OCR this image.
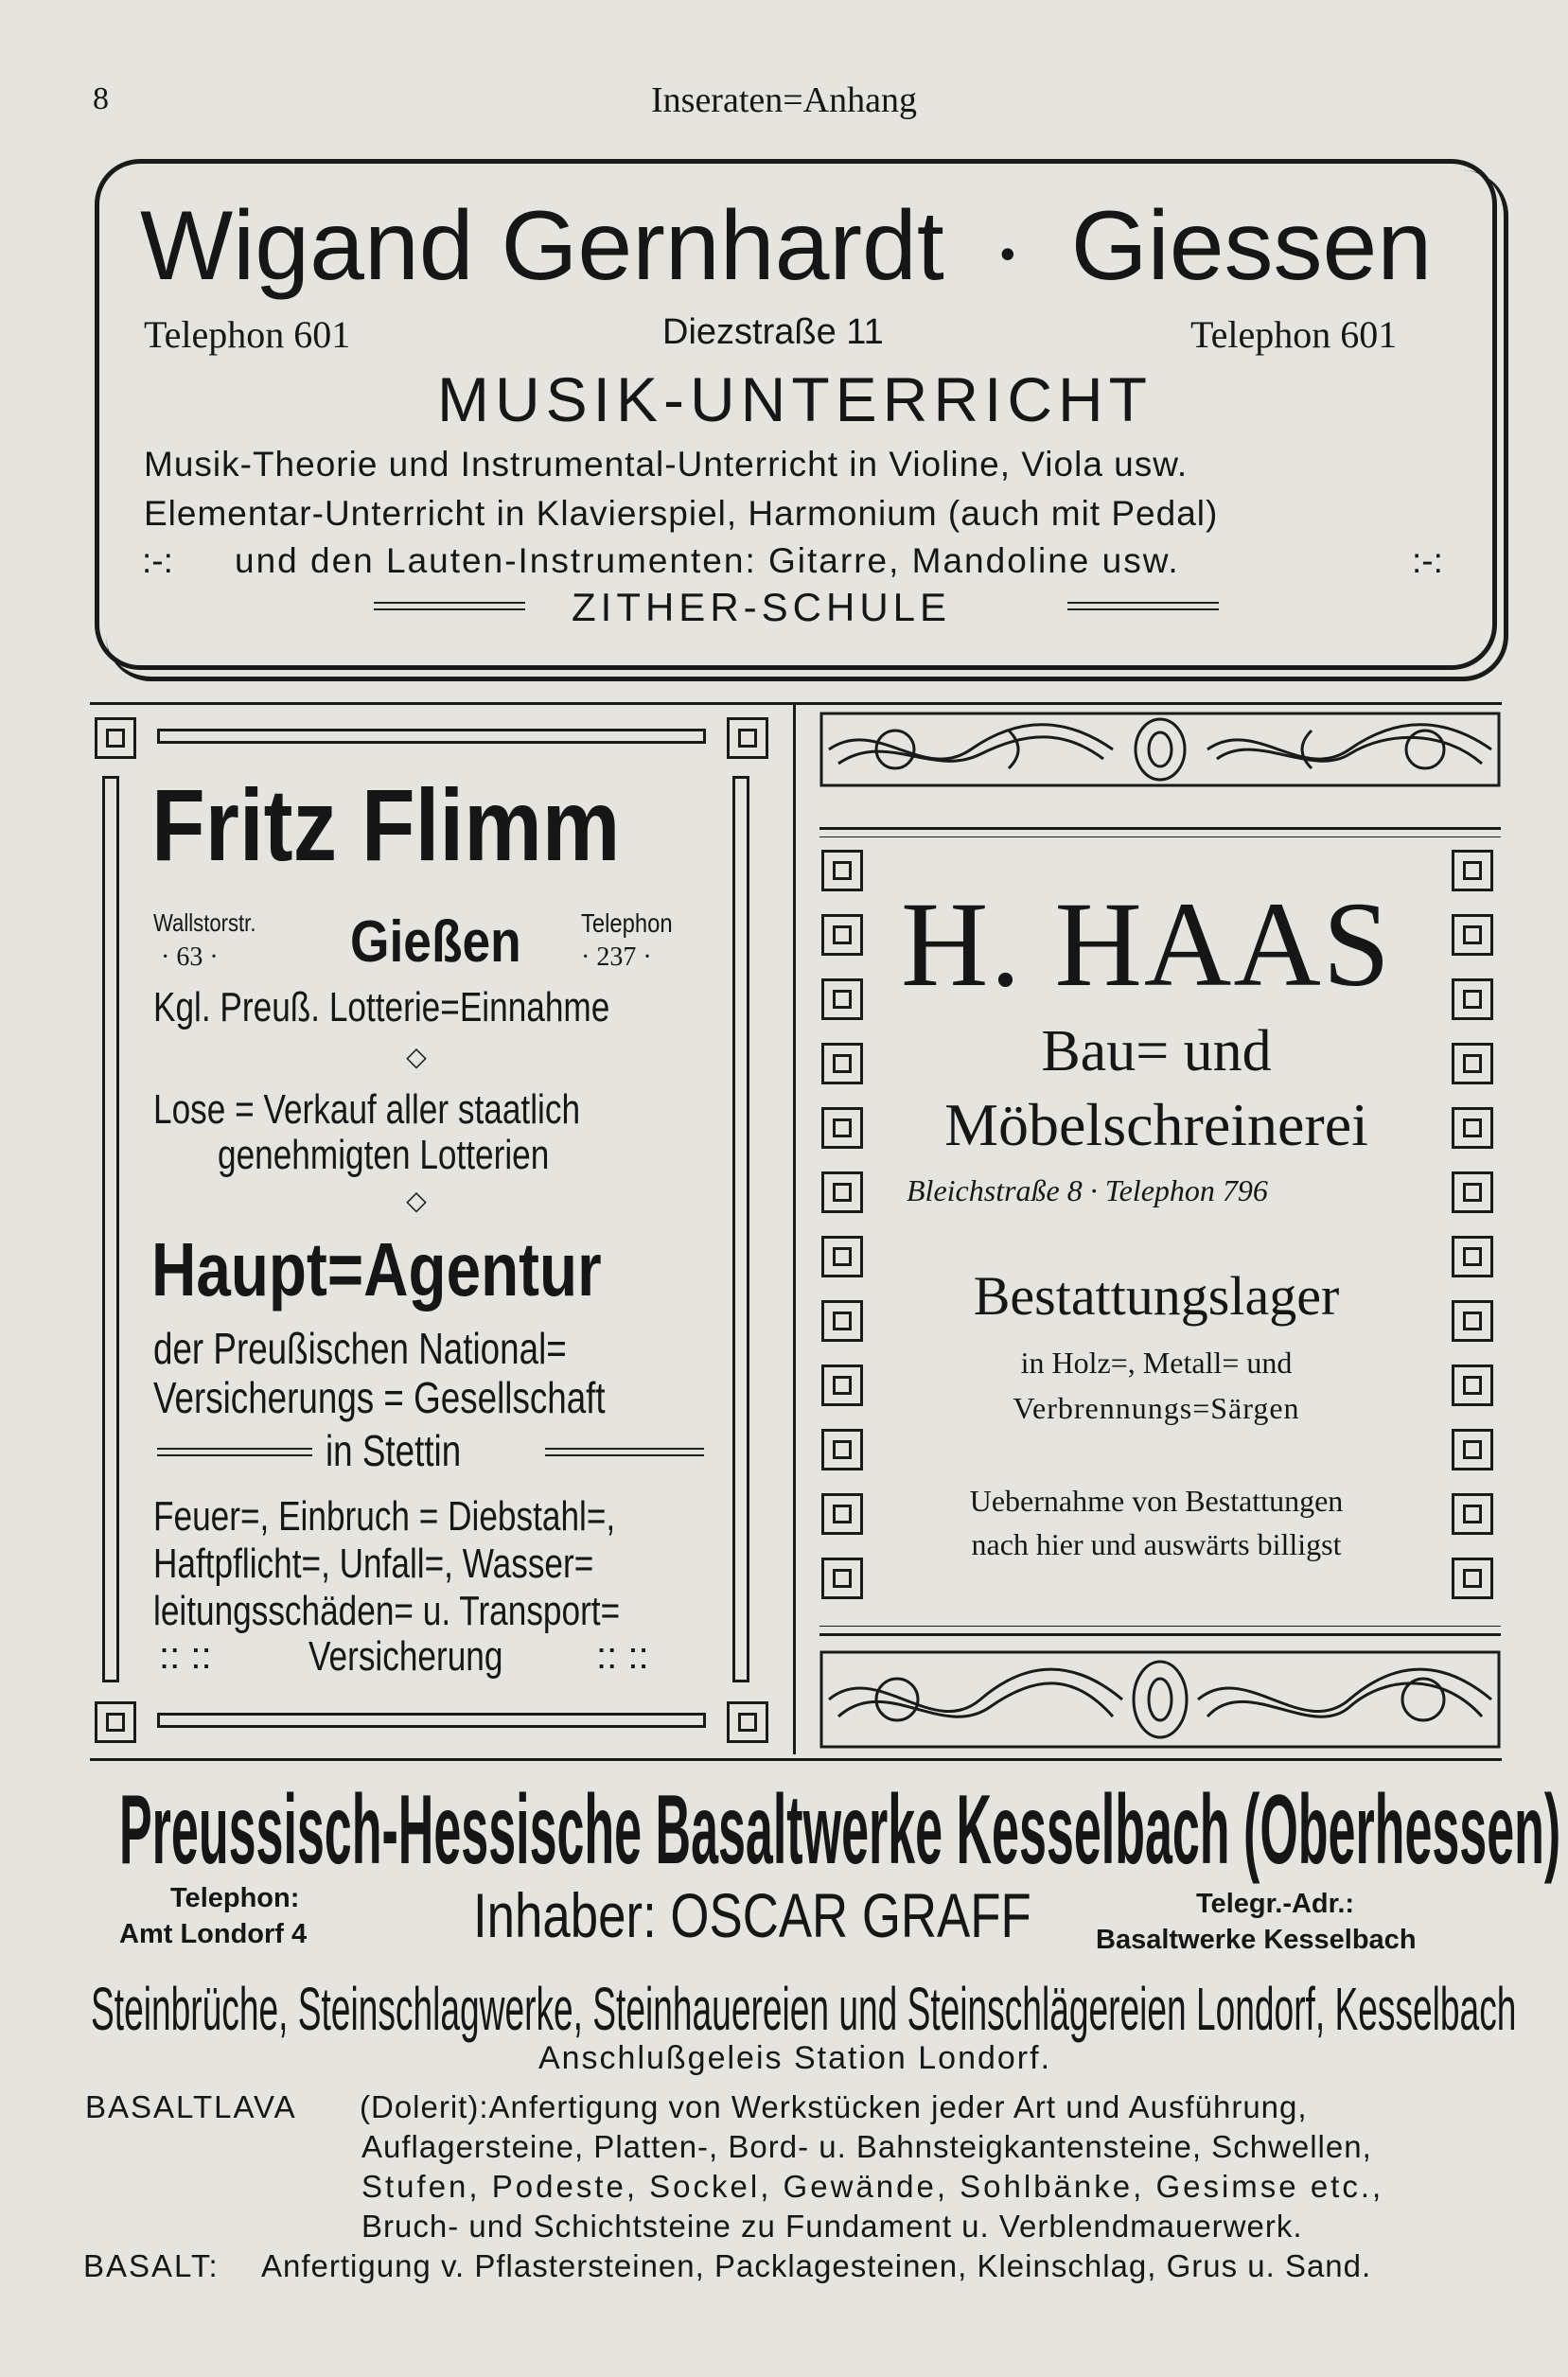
8	Inseraten=Anhang
Wigand Gernhardt • Giessen
Telephon 601	Diezstraße 11	Telephon 601
MUSIK-UNTERRICHT
Musik-Theorie und Instrumental-Unterricht in Violine, Viola usw.
Elementar-Unterricht in Klavierspiel, Harmonium (auch mit Pedal)
:-: und den Lauten-Instrumenten: Gitarre, Mandoline usw.	:-:
ZITHER-SCHULE
Fritz Flimm
Wallstorstr.
· 63 · Gießen Telephon
· 237 ·
Kgl. Preuß. Lotterie=Einnahme
◇
Lose = Verkauf aller staatlich
genehmigten Lotterien
◇
Haupt=Agentur
der Preußischen National=
Versicherungs = Gesellschaft
in Stettin
Feuer=, Einbruch = Diebstahl=,
Haftpflicht=, Unfall=, Wasser=
leitungsschäden= u. Transport=
:: :: Versicherung :: ::
H. HAAS
Bau= und
Möbelschreinerei
Bleichstraße 8 · Telephon 796
Bestattungslager
in Holz=, Metall= und
Verbrennungs=Särgen
Uebernahme von Bestattungen
nach hier und auswärts billigst
Preussisch-Hessische Basaltwerke Kesselbach (Oberhessen)
Telephon:
Amt Londorf 4	Inhaber: OSCAR GRAFF	Telegr.-Adr.:
Basaltwerke Kesselbach
Steinbrüche, Steinschlagwerke, Steinhauereien und Steinschlägereien Londorf, Kesselbach
Anschlußgeleis Station Londorf.
BASALTLAVA (Dolerit):Anfertigung von Werkstücken jeder Art und Ausführung,
Auflagersteine, Platten-, Bord- u. Bahnsteigkantensteine, Schwellen,
Stufen, Podeste, Sockel, Gewände, Sohlbänke, Gesimse etc.,
Bruch- und Schichtsteine zu Fundament u. Verblendmauerwerk.
BASALT: Anfertigung v. Pflastersteinen, Packlagesteinen, Kleinschlag, Grus u. Sand.
